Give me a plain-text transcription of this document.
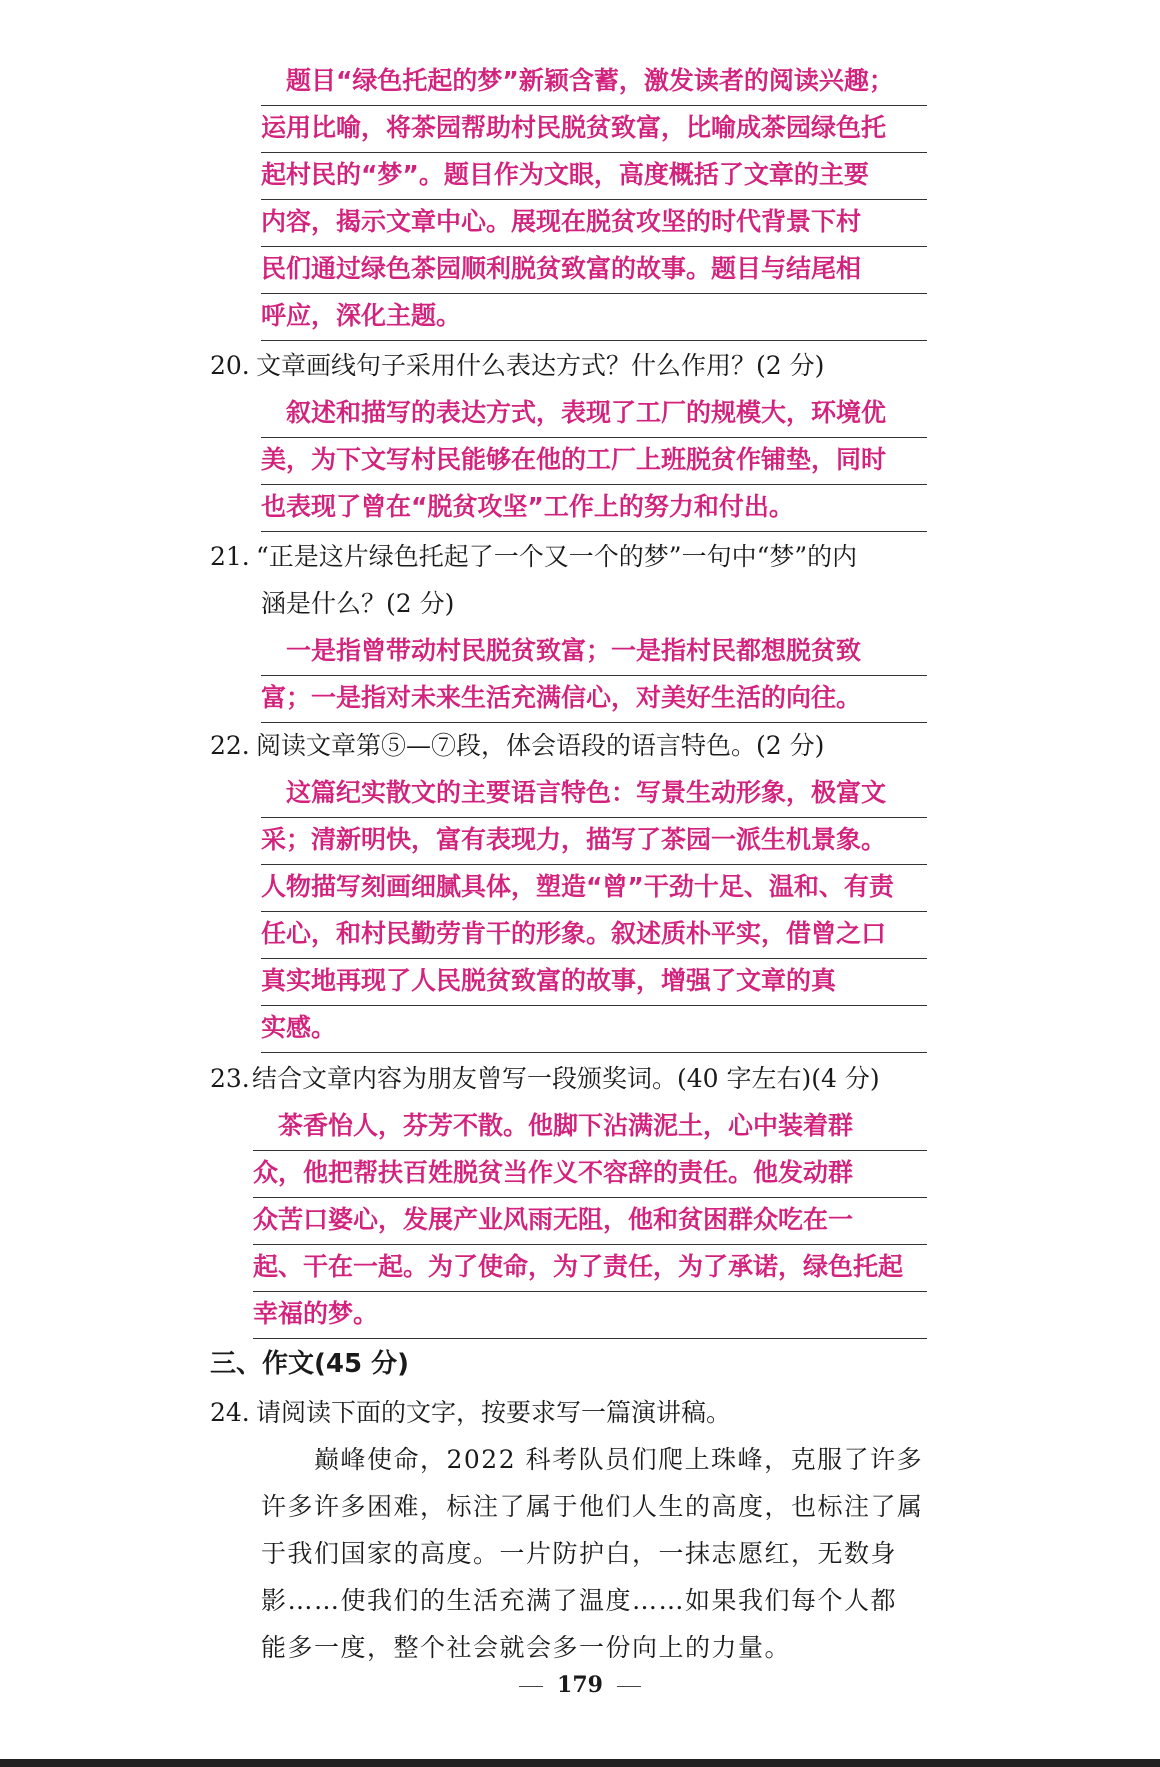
　题目“绿色托起的梦”新颖含蓄，激发读者的阅读兴趣；
运用比喻，将茶园帮助村民脱贫致富，比喻成茶园绿色托
起村民的“梦”。题目作为文眼，高度概括了文章的主要
内容，揭示文章中心。展现在脱贫攻坚的时代背景下村
民们通过绿色茶园顺利脱贫致富的故事。题目与结尾相
呼应，深化主题。
20. 文章画线句子采用什么表达方式？什么作用？(2 分)
　叙述和描写的表达方式，表现了工厂的规模大，环境优
美，为下文写村民能够在他的工厂上班脱贫作铺垫，同时
也表现了曾在“脱贫攻坚”工作上的努力和付出。
21. “正是这片绿色托起了一个又一个的梦”一句中“梦”的内
涵是什么？(2 分)
　一是指曾带动村民脱贫致富；一是指村民都想脱贫致
富；一是指对未来生活充满信心，对美好生活的向往。
22. 阅读文章第⑤—⑦段，体会语段的语言特色。(2 分)
　这篇纪实散文的主要语言特色：写景生动形象，极富文
采；清新明快，富有表现力，描写了茶园一派生机景象。
人物描写刻画细腻具体，塑造“曾”干劲十足、温和、有责
任心，和村民勤劳肯干的形象。叙述质朴平实，借曾之口
真实地再现了人民脱贫致富的故事，增强了文章的真
实感。
23.结合文章内容为朋友曾写一段颁奖词。(40 字左右)(4 分)
　茶香怡人，芬芳不散。他脚下沾满泥土，心中装着群
众，他把帮扶百姓脱贫当作义不容辞的责任。他发动群
众苦口婆心，发展产业风雨无阻，他和贫困群众吃在一
起、干在一起。为了使命，为了责任，为了承诺，绿色托起
幸福的梦。
三、作文(45 分)
24. 请阅读下面的文字，按要求写一篇演讲稿。
　　巅峰使命，2022 科考队员们爬上珠峰，克服了许多
许多许多困难，标注了属于他们人生的高度，也标注了属
于我们国家的高度。一片防护白，一抹志愿红，无数身
影……使我们的生活充满了温度……如果我们每个人都
能多一度，整个社会就会多一份向上的力量。
179
